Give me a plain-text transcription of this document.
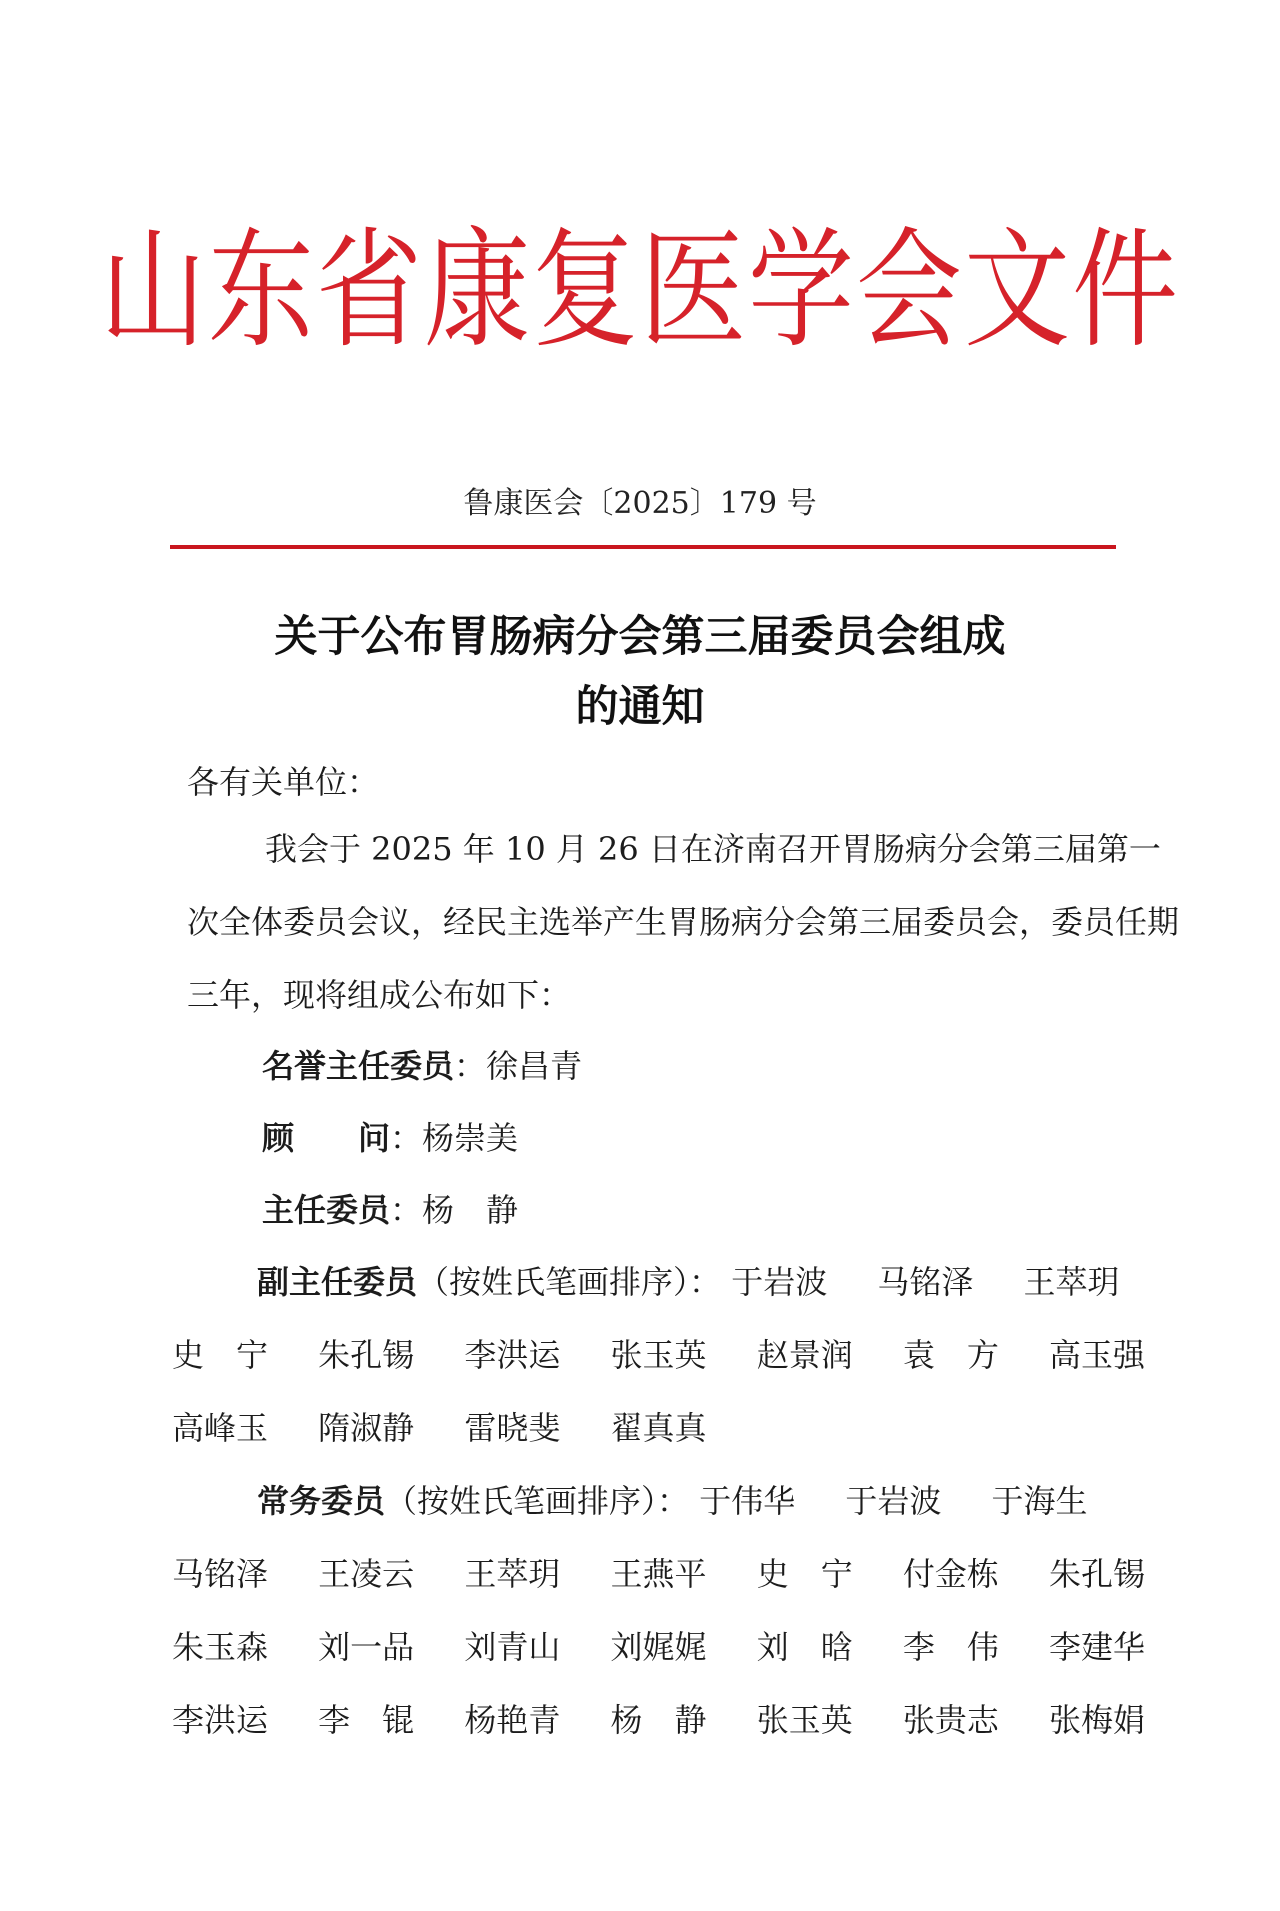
山东省康复医学会文件
鲁康医会〔2025〕179 号
关于公布胃肠病分会第三届委员会组成
的通知
各有关单位：
我会于 2025 年 10 月 26 日在济南召开胃肠病分会第三届第一次全体委员会议，经民主选举产生胃肠病分会第三届委员会，委员任期三年，现将组成公布如下：
名誉主任委员：徐昌青
顾　　问：杨崇美
主任委员：杨　静
副主任委员（按姓氏笔画排序）： 于岩波 马铭泽 王萃玥
史　宁 朱孔锡 李洪运 张玉英 赵景润 袁　方 高玉强
高峰玉 隋淑静 雷晓斐 翟真真
常务委员（按姓氏笔画排序）： 于伟华 于岩波 于海生
马铭泽 王凌云 王萃玥 王燕平 史　宁 付金栋 朱孔锡
朱玉森 刘一品 刘青山 刘娓娓 刘　晗 李　伟 李建华
李洪运 李　锟 杨艳青 杨　静 张玉英 张贵志 张梅娟
